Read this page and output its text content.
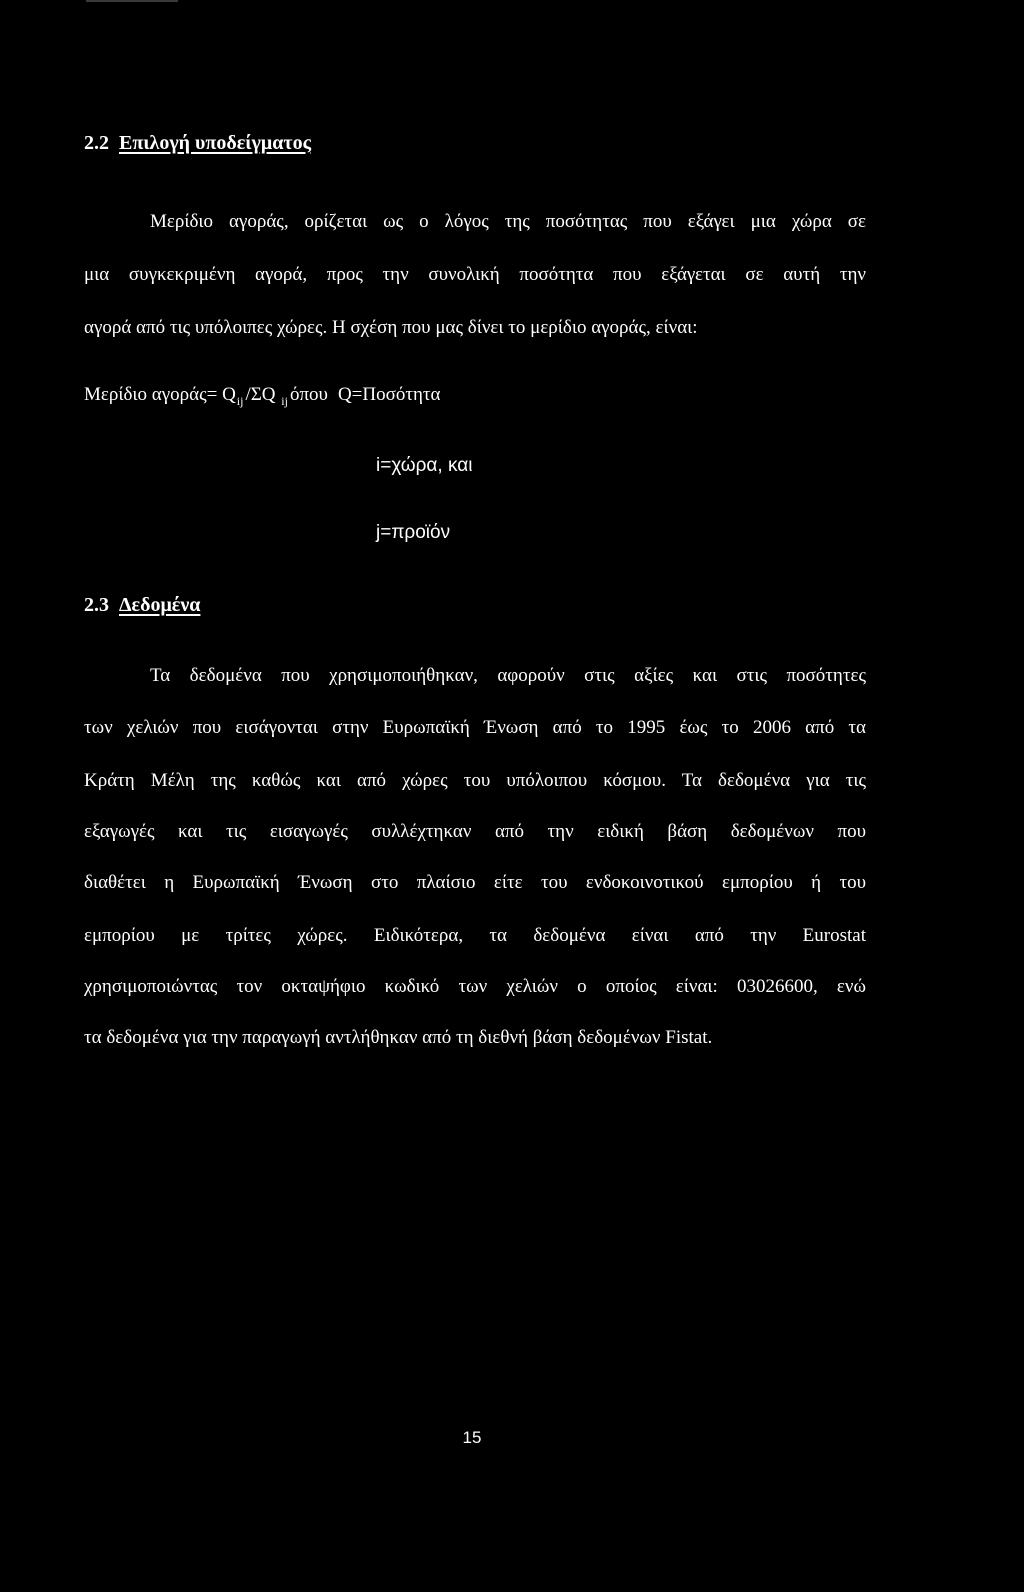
2.2 Επιλογή υποδείγματος
Μερίδιο αγοράς, ορίζεται ως ο λόγος της ποσότητας που εξάγει μια χώρα σε
μια συγκεκριμένη αγορά, προς την συνολική ποσότητα που εξάγεται σε αυτή την
αγορά από τις υπόλοιπες χώρες. Η σχέση που μας δίνει το μερίδιο αγοράς, είναι:
Μερίδιο $\alpha\gamma o\rho ά\varsigma= Q_{ij}$ /ΣQ $_{ij}$ όπου Q=Ποσότητα
i=χώρα, και
j=προϊόν
2.3 Δεδομένα
Τα δεδομένα που χρησιμοποιήθηκαν, αφορούν στις αξίες και στις ποσότητες
των χελιών που εισάγονται στην Ευρωπαϊκή Ένωση από το 1995 έως το 2006 από τα
Κράτη Μέλη της καθώς και από χώρες του υπόλοιπου κόσμου. Τα δεδομένα για τις
εξαγωγές και τις εισαγωγές συλλέχτηκαν από την ειδική βάση δεδομένων που
διαθέτει η Ευρωπαϊκή Ένωση στο πλαίσιο είτε του ενδοκοινοτικού εμπορίου ή του
εμπορίου με τρίτες χώρες. Ειδικότερα, τα δεδομένα είναι από την Eurostat
χρησιμοποιώντας τον οκταψήφιο κωδικό των χελιών ο οποίος είναι: 03026600, ενώ
τα δεδομένα για την παραγωγή αντλήθηκαν από τη διεθνή βάση δεδομένων Fistat.
15
